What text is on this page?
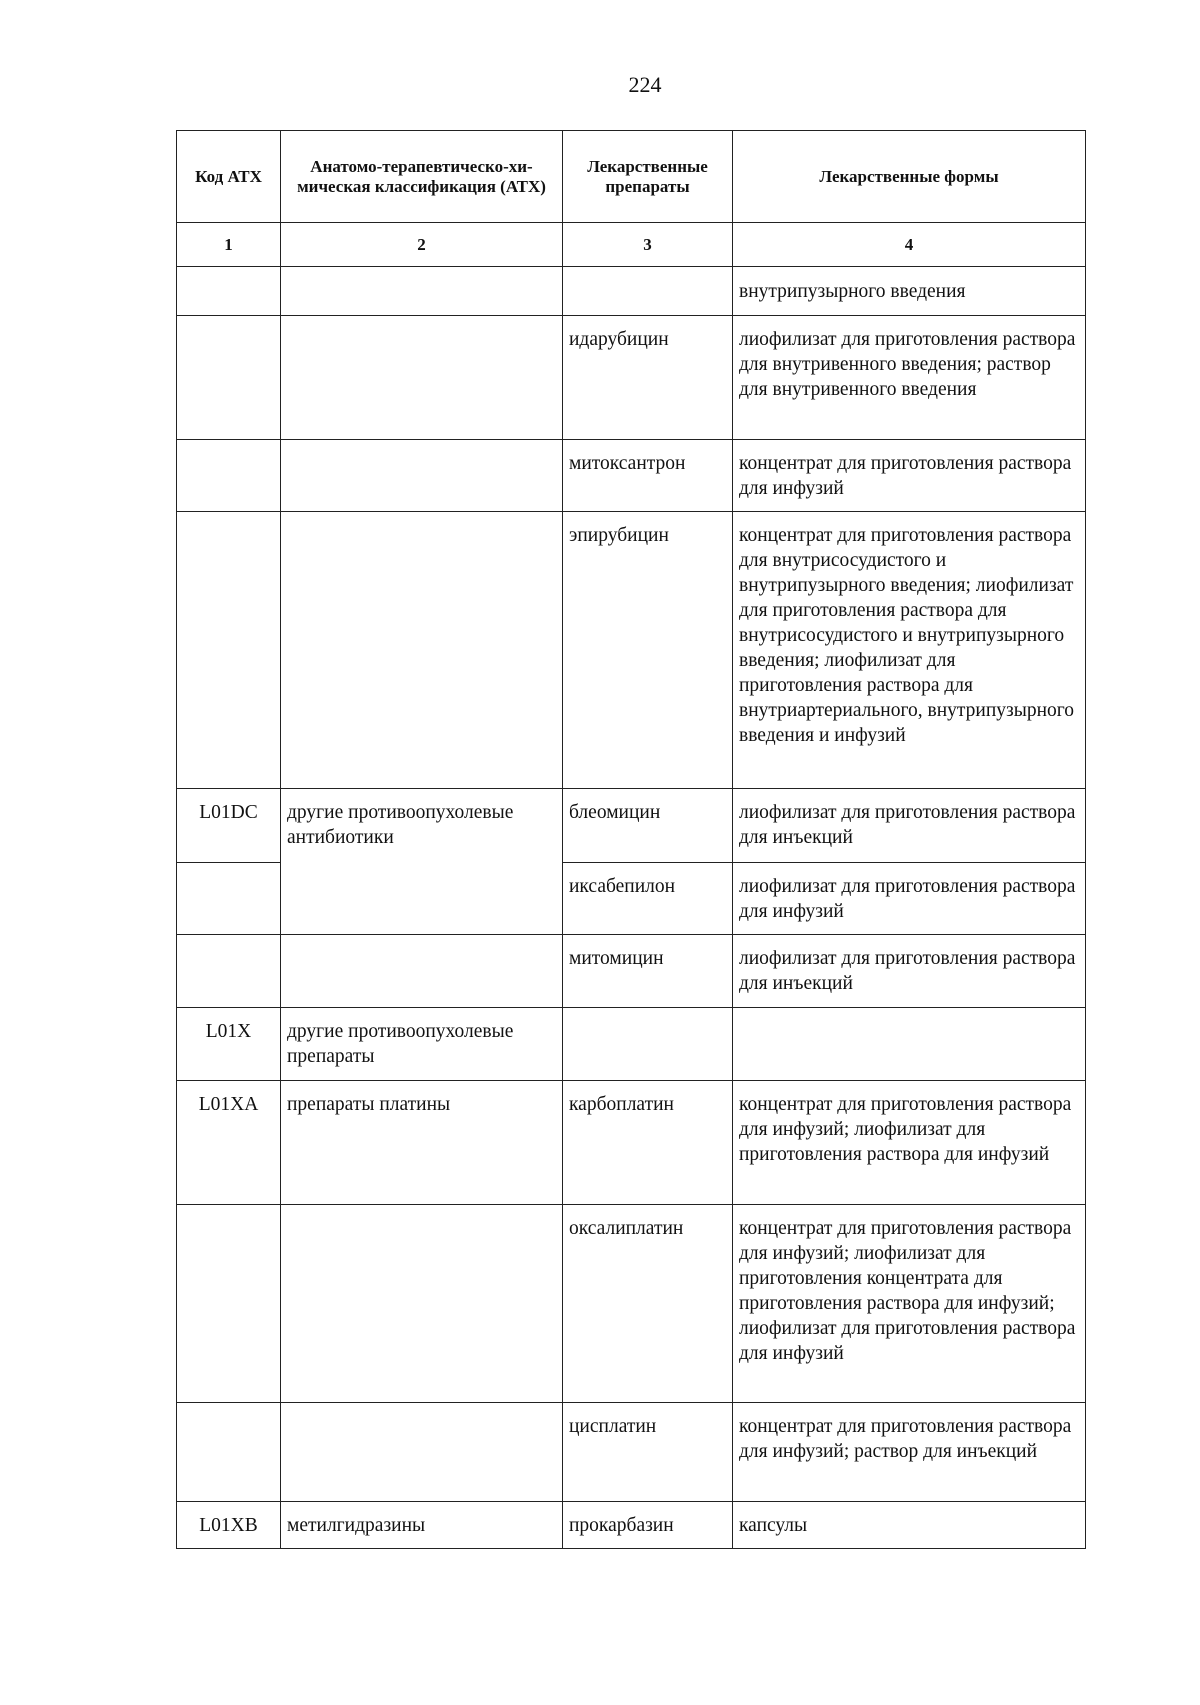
224
Код АТХ	Анатомо-терапевтическо-хи-мическая классификация (АТХ)	Лекарственные препараты	Лекарственные формы
1	2	3	4
			внутрипузырного введения
		идарубицин	лиофилизат для приготовления раствора для внутривенного введения; раствор для внутривенного введения
		митоксантрон	концентрат для приготовления раствора для инфузий
		эпирубицин	концентрат для приготовления раствора для внутрисосудистого и внутрипузырного введения; лиофилизат для приготовления раствора для внутрисосудистого и внутрипузырного введения; лиофилизат для приготовления раствора для внутриартериального, внутрипузырного введения и инфузий
L01DC	другие противоопухолевые антибиотики	блеомицин	лиофилизат для приготовления раствора для инъекций
		иксабепилон	лиофилизат для приготовления раствора для инфузий
		митомицин	лиофилизат для приготовления раствора для инъекций
L01X	другие противоопухолевые препараты		
L01XA	препараты платины	карбоплатин	концентрат для приготовления раствора для инфузий; лиофилизат для приготовления раствора для инфузий
		оксалиплатин	концентрат для приготовления раствора для инфузий; лиофилизат для приготовления концентрата для приготовления раствора для инфузий; лиофилизат для приготовления раствора для инфузий
		цисплатин	концентрат для приготовления раствора для инфузий; раствор для инъекций
L01XB	метилгидразины	прокарбазин	капсулы
